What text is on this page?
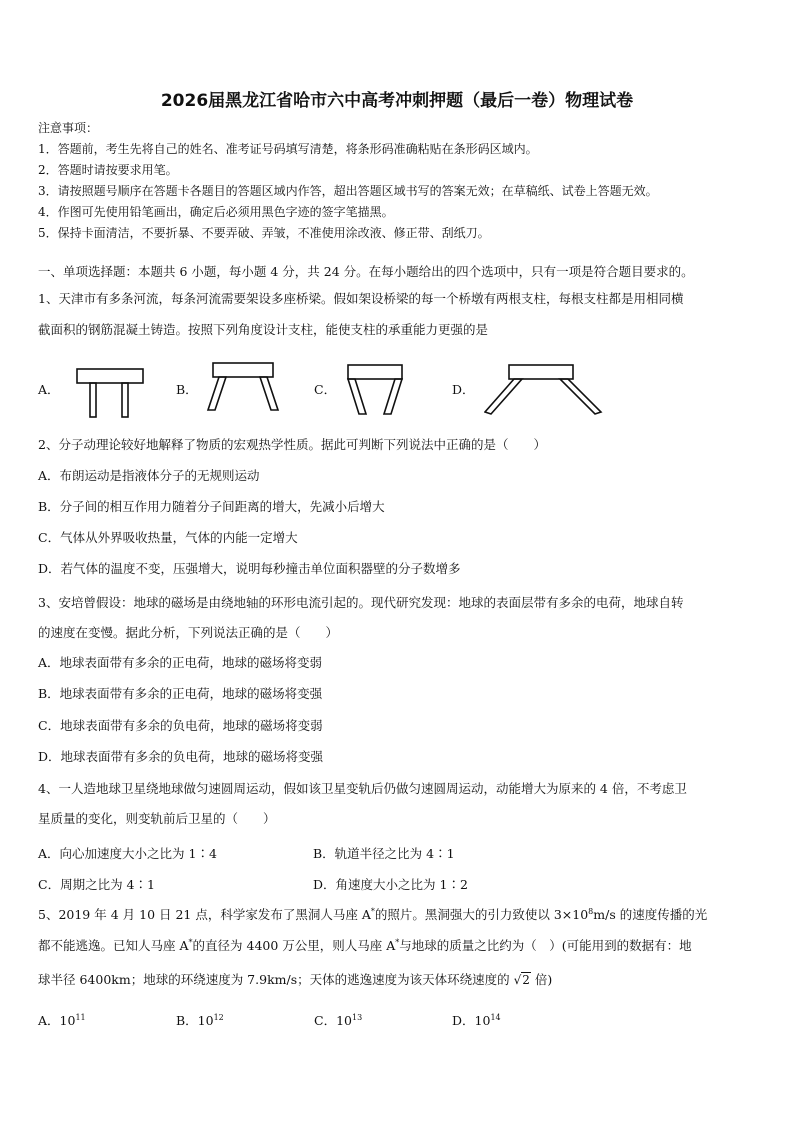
2026届黑龙江省哈市六中高考冲刺押题（最后一卷）物理试卷
注意事项：
1．答题前，考生先将自己的姓名、准考证号码填写清楚，将条形码准确粘贴在条形码区域内。
2．答题时请按要求用笔。
3．请按照题号顺序在答题卡各题目的答题区域内作答，超出答题区域书写的答案无效；在草稿纸、试卷上答题无效。
4．作图可先使用铅笔画出，确定后必须用黑色字迹的签字笔描黑。
5．保持卡面清洁，不要折暴、不要弄破、弄皱，不准使用涂改液、修正带、刮纸刀。
一、单项选择题：本题共 6 小题，每小题 4 分，共 24 分。在每小题给出的四个选项中，只有一项是符合题目要求的。
1、天津市有多条河流，每条河流需要架设多座桥梁。假如架设桥梁的每一个桥墩有两根支柱，每根支柱都是用相同横
截面积的钢筋混凝土铸造。按照下列角度设计支柱，能使支柱的承重能力更强的是
A．	B．	C．	D．
2、分子动理论较好地解释了物质的宏观热学性质。据此可判断下列说法中正确的是（　　）
A．布朗运动是指液体分子的无规则运动
B．分子间的相互作用力随着分子间距离的增大，先减小后增大
C．气体从外界吸收热量，气体的内能一定增大
D．若气体的温度不变，压强增大，说明每秒撞击单位面积器壁的分子数增多
3、安培曾假设：地球的磁场是由绕地轴的环形电流引起的。现代研究发现：地球的表面层带有多余的电荷，地球自转
的速度在变慢。据此分析，下列说法正确的是（　　）
A．地球表面带有多余的正电荷，地球的磁场将变弱
B．地球表面带有多余的正电荷，地球的磁场将变强
C．地球表面带有多余的负电荷，地球的磁场将变弱
D．地球表面带有多余的负电荷，地球的磁场将变强
4、一人造地球卫星绕地球做匀速圆周运动，假如该卫星变轨后仍做匀速圆周运动，动能增大为原来的 4 倍，不考虑卫
星质量的变化，则变轨前后卫星的（　　）
A．向心加速度大小之比为 1∶4	B．轨道半径之比为 4∶1
C．周期之比为 4∶1	D．角速度大小之比为 1∶2
5、2019 年 4 月 10 日 21 点，科学家发布了黑洞人马座 A*的照片。黑洞强大的引力致使以 $3\times 10^8m/s$ 的速度传播的光
都不能逃逸。已知人马座 A*的直径为 4400 万公里，则人马座 A*与地球的质量之比约为（　）(可能用到的数据有：地
球半径 6400km；地球的环绕速度为 7.9km/s；天体的逃逸速度为该天体环绕速度的 √2 倍)
A．$10^{11}$	B．$10^{12}$	C．$10^{13}$	D．$10^{14}$
